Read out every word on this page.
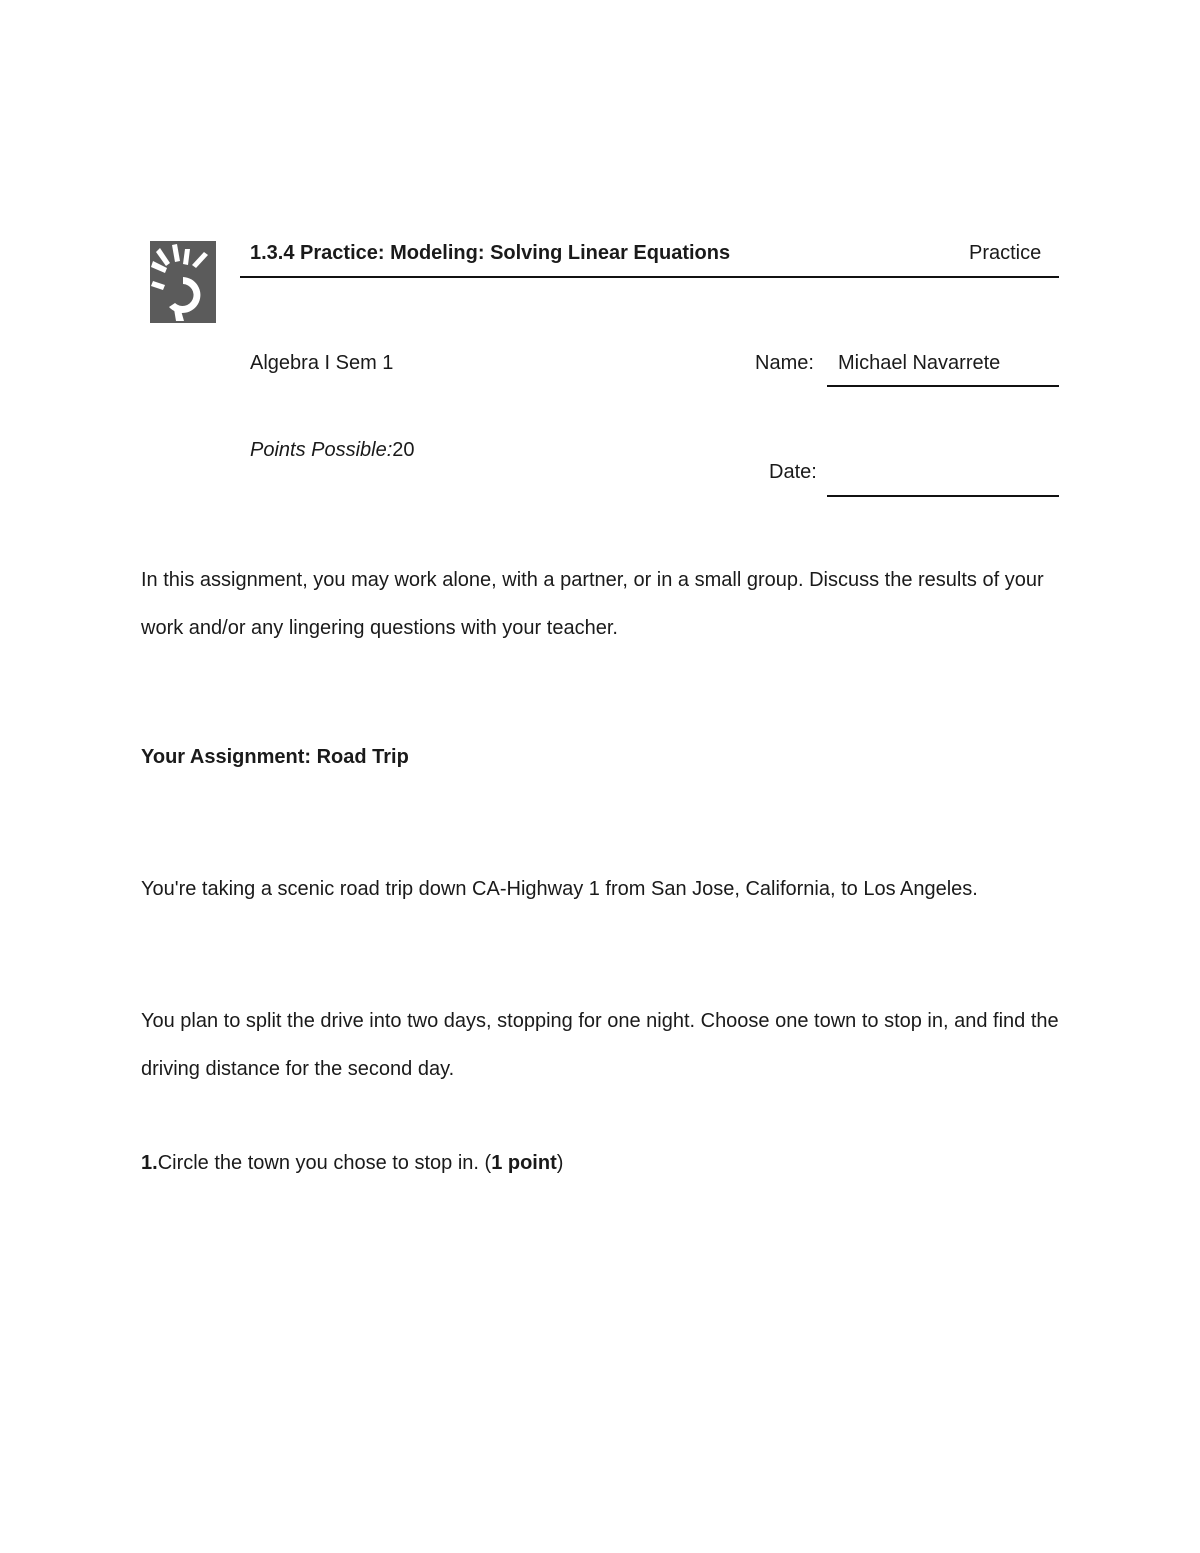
1.3.4 Practice: Modeling: Solving Linear Equations	Practice
Algebra I Sem 1	Name: Michael Navarrete
Points Possible:20
Date:
In this assignment, you may work alone, with a partner, or in a small group. Discuss the results of your work and/or any lingering questions with your teacher.
Your Assignment: Road Trip
You're taking a scenic road trip down CA-Highway 1 from San Jose, California, to Los Angeles.
You plan to split the drive into two days, stopping for one night. Choose one town to stop in, and find the driving distance for the second day.
1.Circle the town you chose to stop in. (1 point)
